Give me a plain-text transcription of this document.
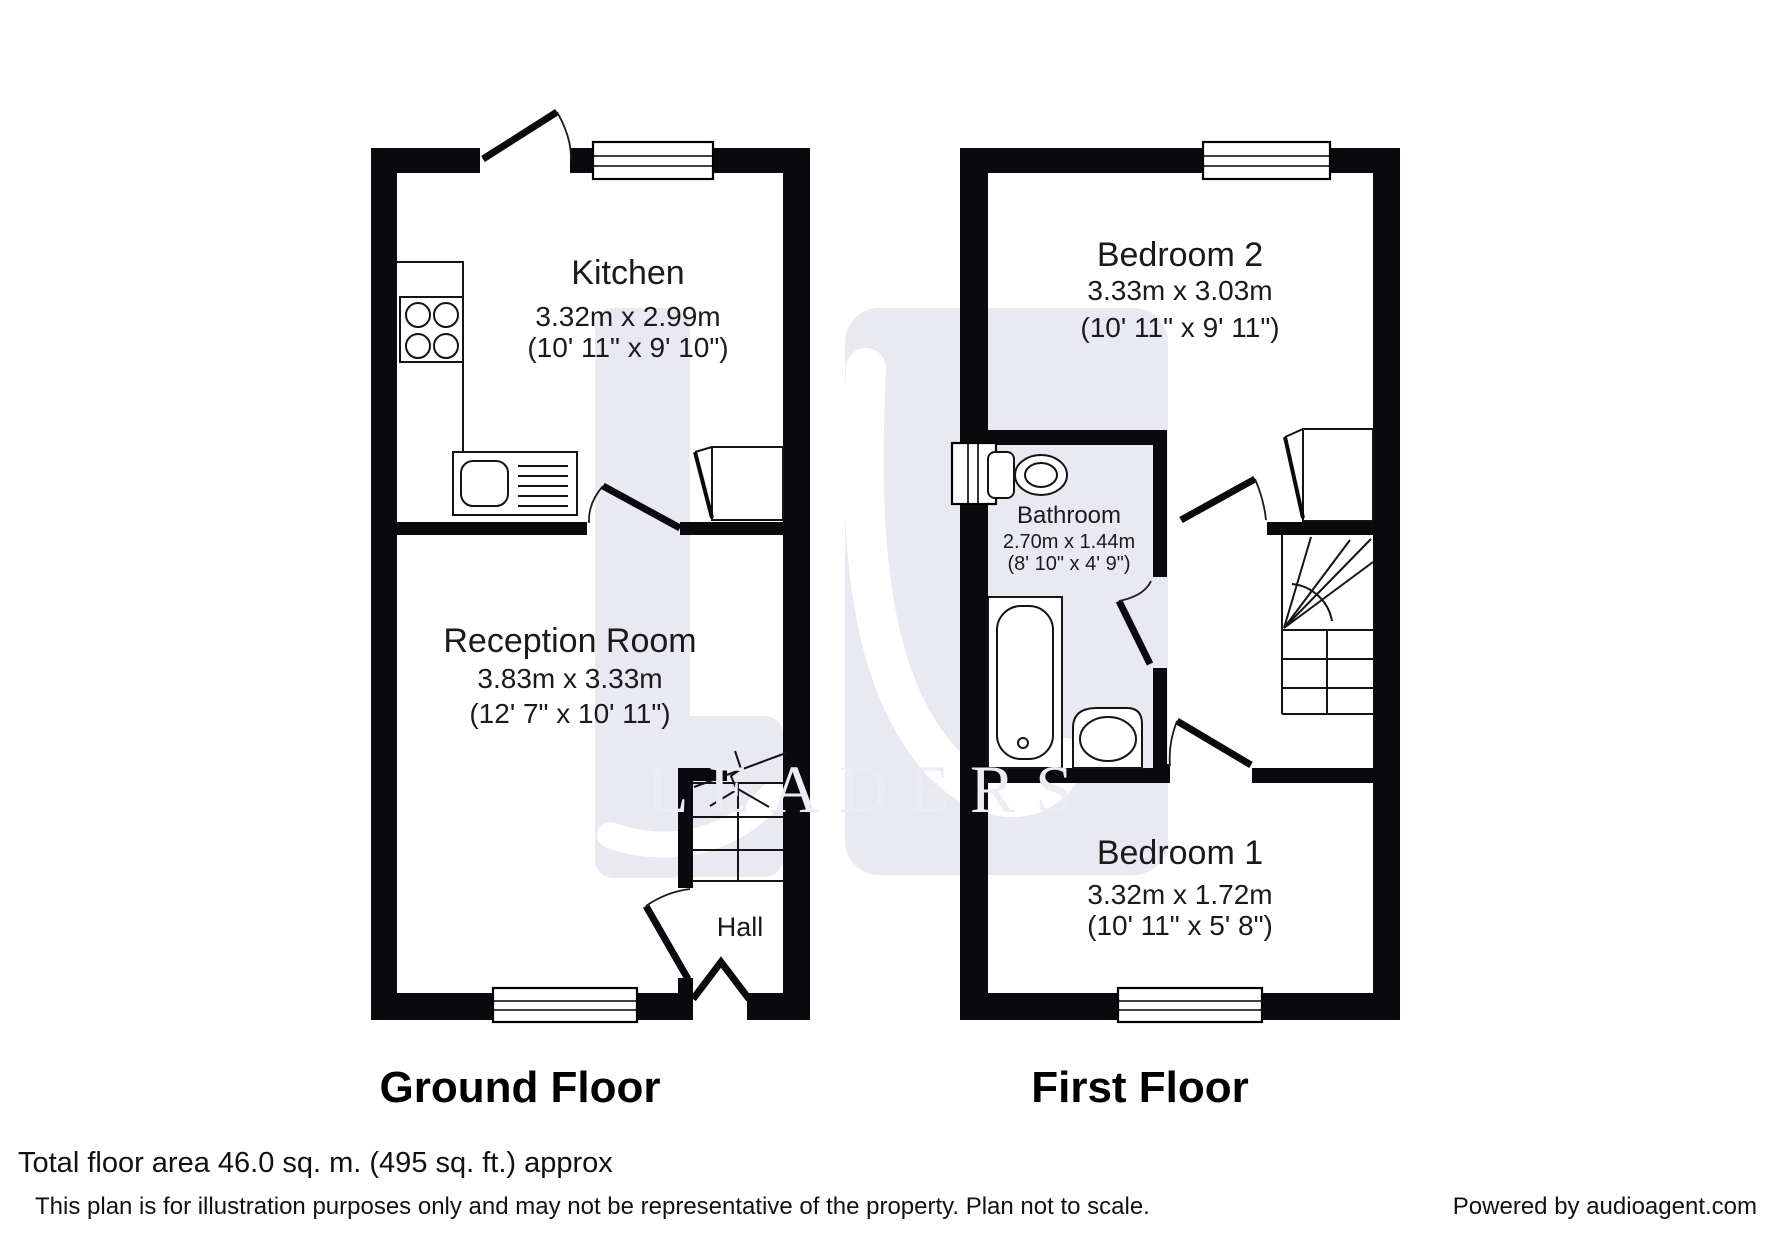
Kitchen
3.32m x 2.99m
(10' 11" x 9' 10")
Reception Room
3.83m x 3.33m
(12' 7" x 10' 11")
Hall
Ground Floor
Bedroom 2
3.33m x 3.03m
(10' 11" x 9' 11")
Bathroom
2.70m x 1.44m
(8' 10" x 4' 9")
Bedroom 1
3.32m x 1.72m
(10' 11" x 5' 8")
First Floor
LEADERS
Total floor area 46.0 sq. m. (495 sq. ft.) approx
This plan is for illustration purposes only and may not be representative of the property. Plan not to scale.	Powered by audioagent.com
